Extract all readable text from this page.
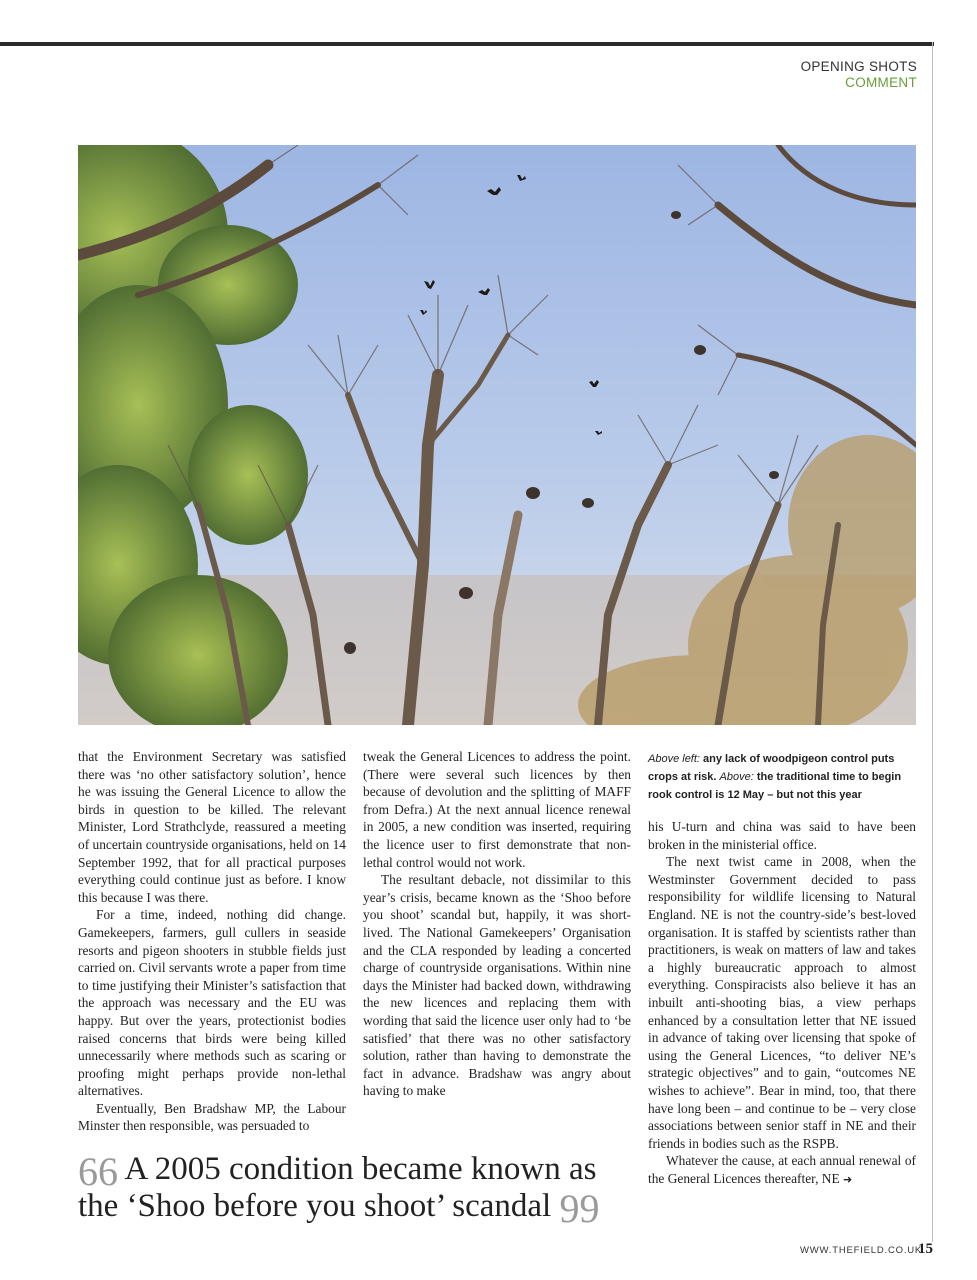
OPENING SHOTS
COMMENT

that the Environment Secretary was satisfied there was ‘no other satisfactory solution’, hence he was issuing the General Licence to allow the birds in question to be killed. The relevant Minister, Lord Strathclyde, reassured a meeting of uncertain countryside organisations, held on 14 September 1992, that for all practical purposes everything could continue just as before. I know this because I was there.

For a time, indeed, nothing did change. Gamekeepers, farmers, gull cullers in seaside resorts and pigeon shooters in stubble fields just carried on. Civil servants wrote a paper from time to time justifying their Minister’s satisfaction that the approach was necessary and the EU was happy. But over the years, protectionist bodies raised concerns that birds were being killed unnecessarily where methods such as scaring or proofing might perhaps provide non-lethal alternatives.

Eventually, Ben Bradshaw MP, the Labour Minster then responsible, was persuaded to

tweak the General Licences to address the point. (There were several such licences by then because of devolution and the splitting of MAFF from Defra.) At the next annual licence renewal in 2005, a new condition was inserted, requiring the licence user to first demonstrate that non-lethal control would not work.

The resultant debacle, not dissimilar to this year’s crisis, became known as the ‘Shoo before you shoot’ scandal but, happily, it was short-lived. The National Gamekeepers’ Organisation and the CLA responded by leading a concerted charge of countryside organisations. Within nine days the Minister had backed down, withdrawing the new licences and replacing them with wording that said the licence user only had to ‘be satisfied’ that there was no other satisfactory solution, rather than having to demonstrate the fact in advance. Bradshaw was angry about having to make

Above left: any lack of woodpigeon control puts crops at risk. Above: the traditional time to begin rook control is 12 May – but not this year

his U-turn and china was said to have been broken in the ministerial office.

The next twist came in 2008, when the Westminster Government decided to pass responsibility for wildlife licensing to Natural England. NE is not the country-side’s best-loved organisation. It is staffed by scientists rather than practitioners, is weak on matters of law and takes a highly bureaucratic approach to almost everything. Conspiracists also believe it has an inbuilt anti-shooting bias, a view perhaps enhanced by a consultation letter that NE issued in advance of taking over licensing that spoke of using the General Licences, “to deliver NE’s strategic objectives” and to gain, “outcomes NE wishes to achieve”. Bear in mind, too, that there have long been – and continue to be – very close associations between senior staff in NE and their friends in bodies such as the RSPB.

Whatever the cause, at each annual renewal of the General Licences thereafter, NE ➜

66 A 2005 condition became known as the ‘Shoo before you shoot’ scandal 99
WWW.THEFIELD.CO.UK
15
